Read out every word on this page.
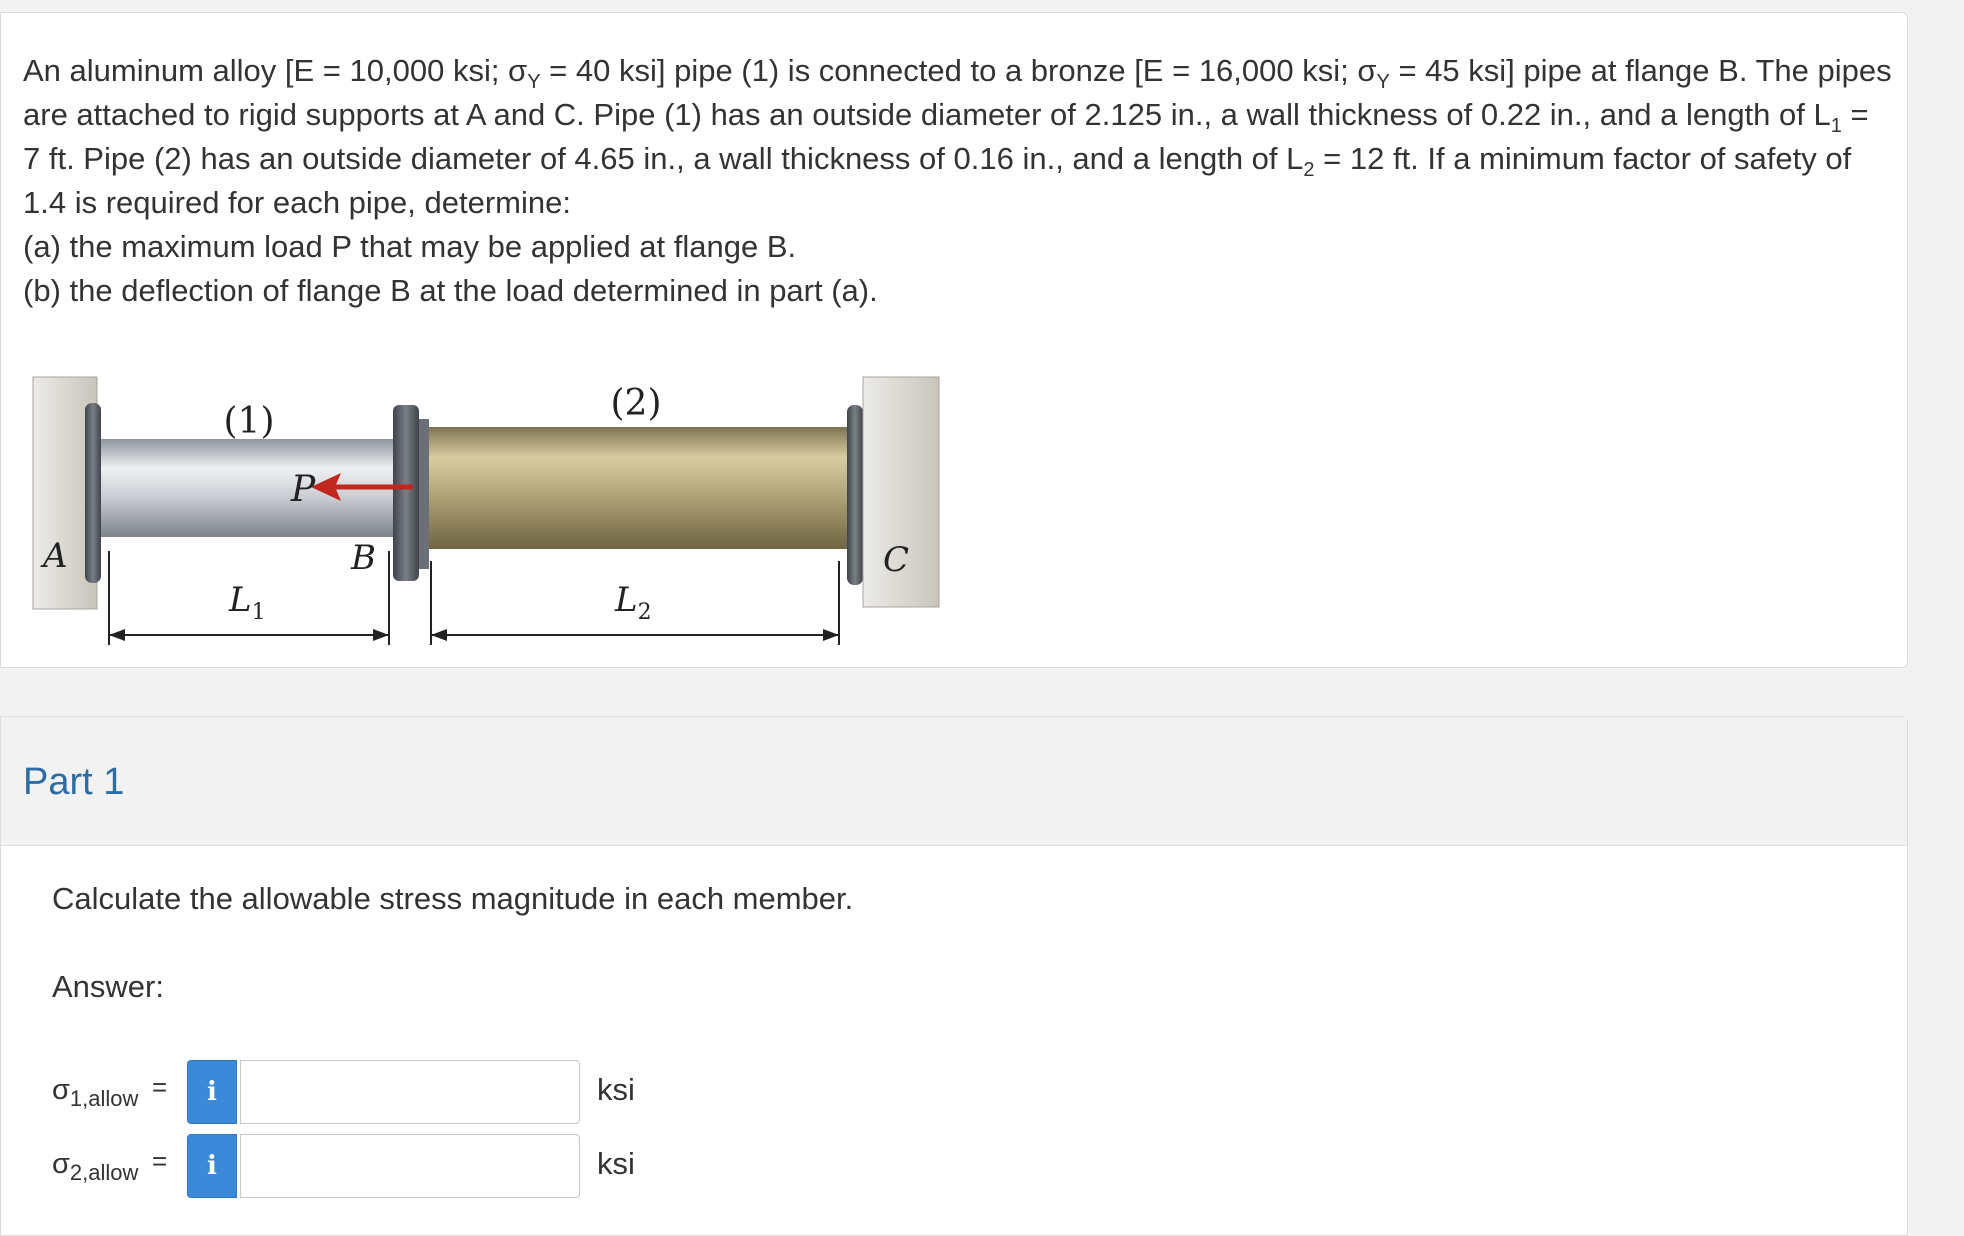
An aluminum alloy [E = 10,000 ksi; $\sigma_Y = 40$ ksi] pipe (1) is connected to a bronze [E = 16,000 ksi; $\sigma_Y = 45$ ksi] pipe at flange B. The pipes are attached to rigid supports at A and C. Pipe (1) has an outside diameter of 2.125 in., a wall thickness of 0.22 in., and a length of $L_1 = 7$ ft. Pipe (2) has an outside diameter of 4.65 in., a wall thickness of 0.16 in., and a length of $L_2 = 12$ ft. If a minimum factor of safety of 1.4 is required for each pipe, determine:

(a) the maximum load P that may be applied at flange B.

(b) the deflection of flange B at the load determined in part (a).

(1)	(2)
P
A	B	C
$L_1$	$L_2$
Part 1

Calculate the allowable stress magnitude in each member.

Answer:
$\sigma_{1,allow}$ =	i	ksi
$\sigma_{2,allow}$ =	i	ksi
